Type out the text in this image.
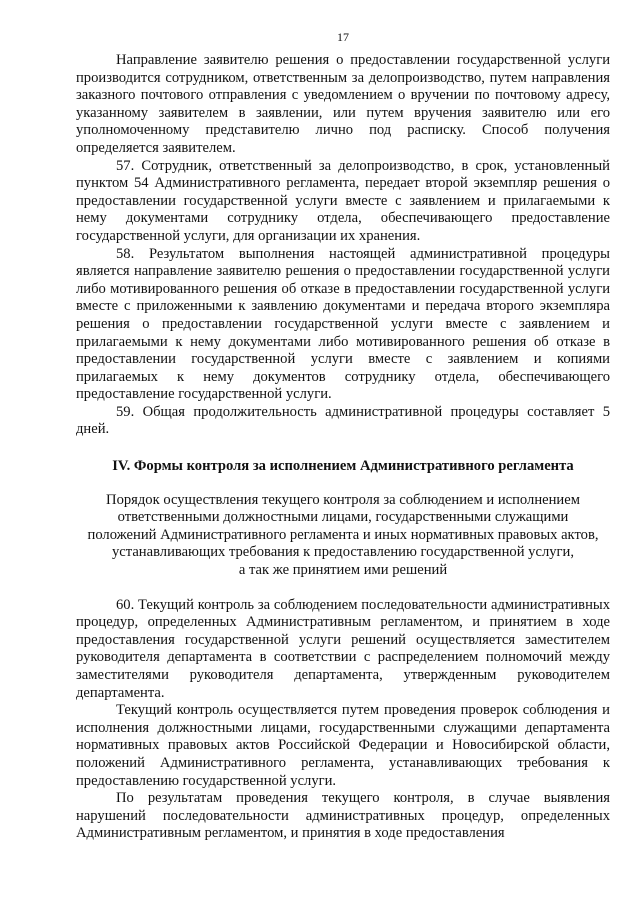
17

Направление заявителю решения о предоставлении государственной услуги производится сотрудником, ответственным за делопроизводство, путем направления заказного почтового отправления с уведомлением о вручении по почтовому адресу, указанному заявителем в заявлении, или путем вручения заявителю или его уполномоченному представителю лично под расписку. Способ получения определяется заявителем.

57. Сотрудник, ответственный за делопроизводство, в срок, установленный пунктом 54 Административного регламента, передает второй экземпляр решения о предоставлении государственной услуги вместе с заявлением и прилагаемыми к нему документами сотруднику отдела, обеспечивающего предоставление государственной услуги, для организации их хранения.

58. Результатом выполнения настоящей административной процедуры является направление заявителю решения о предоставлении государственной услуги либо мотивированного решения об отказе в предоставлении государственной услуги вместе с приложенными к заявлению документами и передача второго экземпляра решения о предоставлении государственной услуги вместе с заявлением и прилагаемыми к нему документами либо мотивированного решения об отказе в предоставлении государственной услуги вместе с заявлением и копиями прилагаемых к нему документов сотруднику отдела, обеспечивающего предоставление государственной услуги.

59. Общая продолжительность административной процедуры составляет 5 дней.

IV. Формы контроля за исполнением Административного регламента
Порядок осуществления текущего контроля за соблюдением и исполнением
ответственными должностными лицами, государственными служащими
положений Административного регламента и иных нормативных правовых актов,
устанавливающих требования к предоставлению государственной услуги,
а так же принятием ими решений

60. Текущий контроль за соблюдением последовательности административных процедур, определенных Административным регламентом, и принятием в ходе предоставления государственной услуги решений осуществляется заместителем руководителя департамента в соответствии с распределением полномочий между заместителями руководителя департамента, утвержденным руководителем департамента.

Текущий контроль осуществляется путем проведения проверок соблюдения и исполнения должностными лицами, государственными служащими департамента нормативных правовых актов Российской Федерации и Новосибирской области, положений Административного регламента, устанавливающих требования к предоставлению государственной услуги.

По результатам проведения текущего контроля, в случае выявления нарушений последовательности административных процедур, определенных Административным регламентом, и принятия в ходе предоставления
